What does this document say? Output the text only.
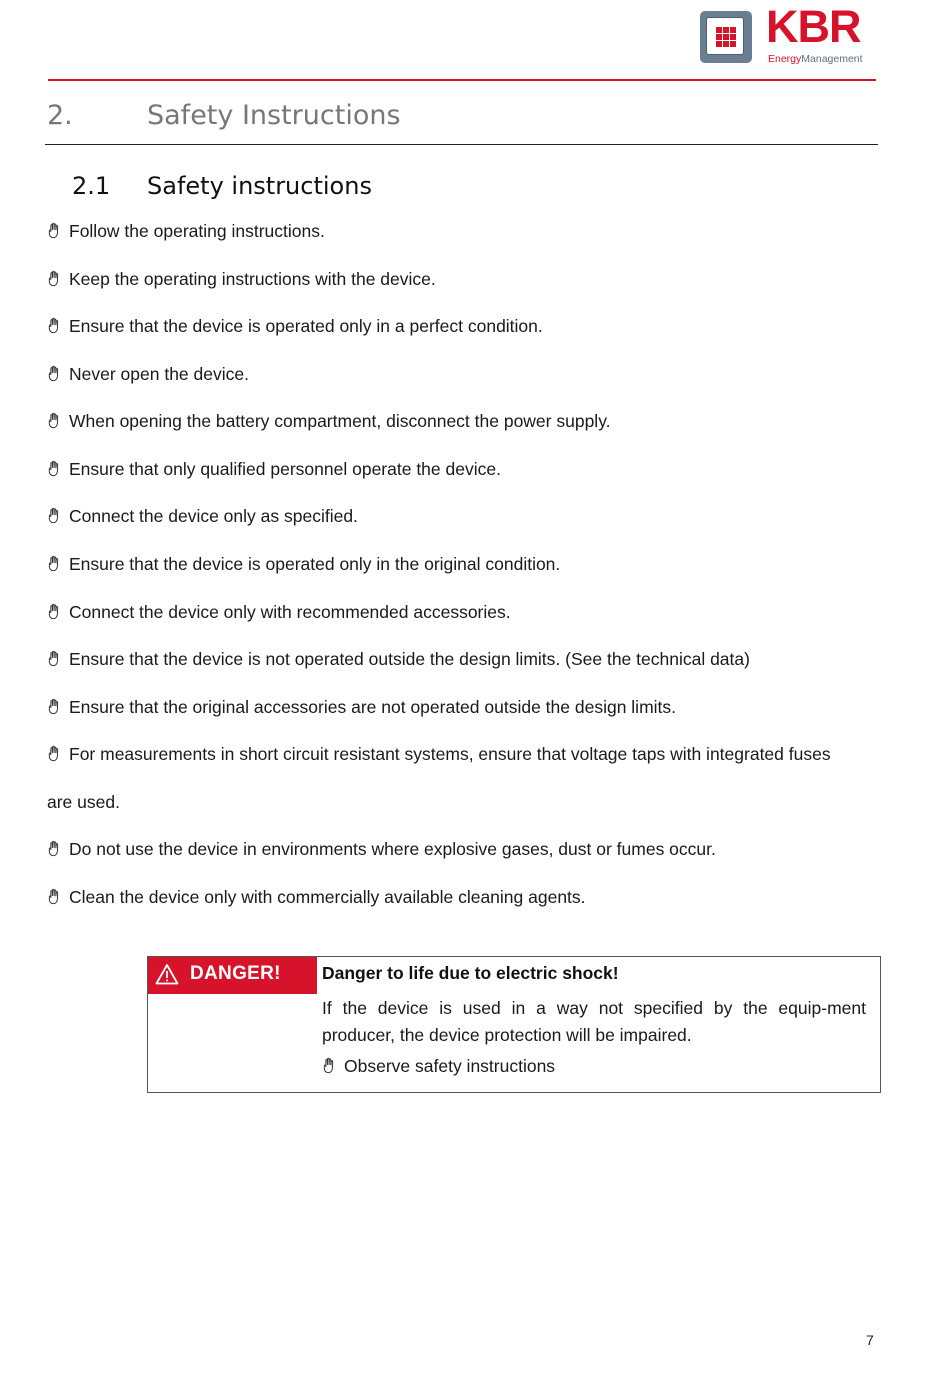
KBR
EnergyManagement
2.	Safety Instructions
2.1 Safety instructions
Follow the operating instructions.
Keep the operating instructions with the device.
Ensure that the device is operated only in a perfect condition.
Never open the device.
When opening the battery compartment, disconnect the power supply.
Ensure that only qualified personnel operate the device.
Connect the device only as specified.
Ensure that the device is operated only in the original condition.
Connect the device only with recommended accessories.
Ensure that the device is not operated outside the design limits. (See the technical data)
Ensure that the original accessories are not operated outside the design limits.
For measurements in short circuit resistant systems, ensure that voltage taps with integrated fuses
are used.
Do not use the device in environments where explosive gases, dust or fumes occur.
Clean the device only with commercially available cleaning agents.
DANGER! Danger to life due to electric shock!

If the device is used in a way not specified by the equip-ment producer, the device protection will be impaired.

Observe safety instructions
7
